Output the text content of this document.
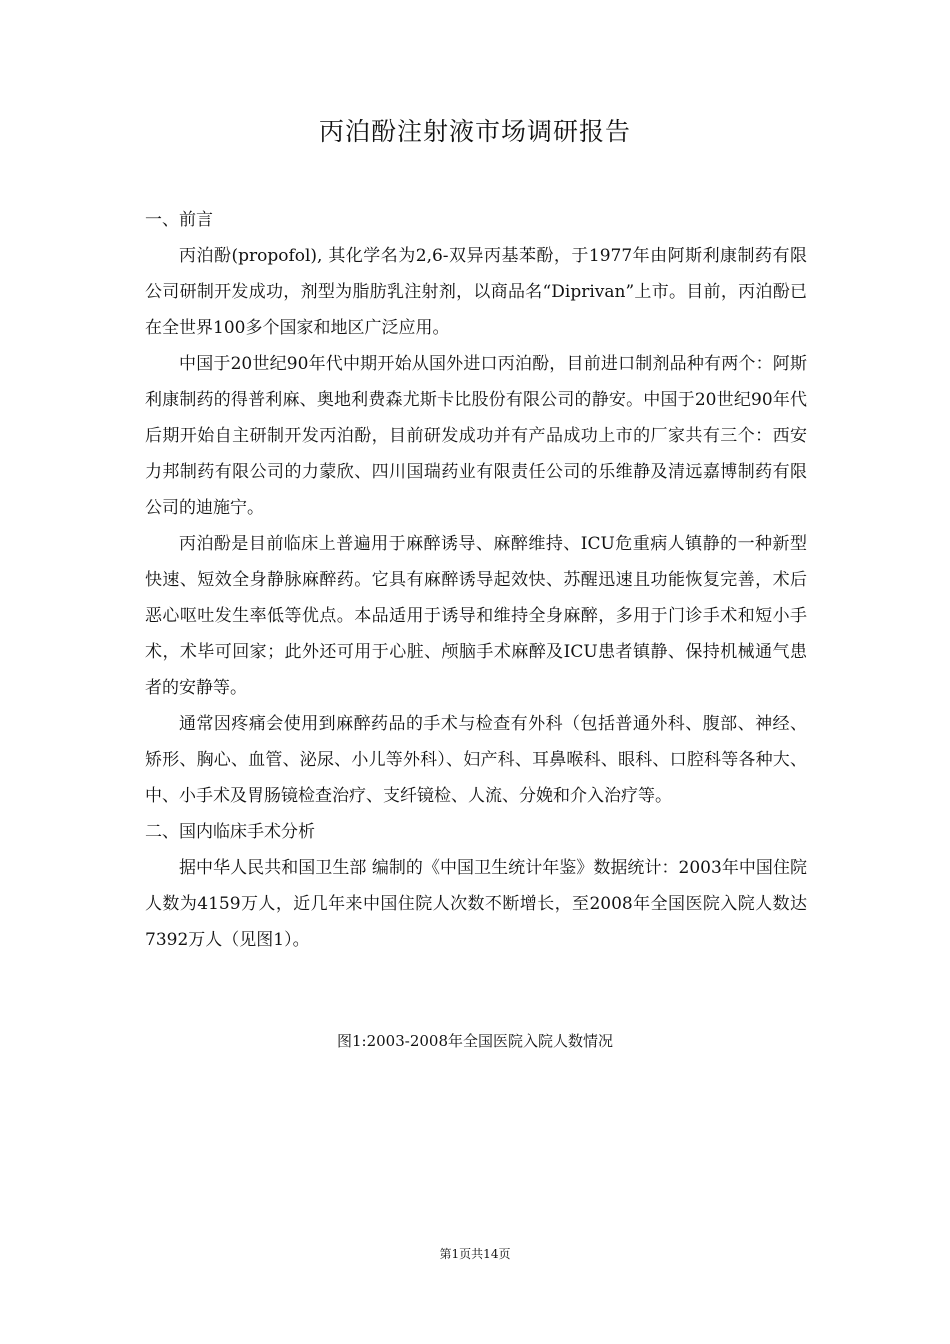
丙泊酚注射液市场调研报告

一、前言

丙泊酚(propofol), 其化学名为2,6-双异丙基苯酚，于1977年由阿斯利康制药有限公司研制开发成功，剂型为脂肪乳注射剂，以商品名“Diprivan”上市。目前，丙泊酚已在全世界100多个国家和地区广泛应用。

中国于20世纪90年代中期开始从国外进口丙泊酚，目前进口制剂品种有两个：阿斯利康制药的得普利麻、奥地利费森尤斯卡比股份有限公司的静安。中国于20世纪90年代后期开始自主研制开发丙泊酚，目前研发成功并有产品成功上市的厂家共有三个：西安力邦制药有限公司的力蒙欣、四川国瑞药业有限责任公司的乐维静及清远嘉博制药有限公司的迪施宁。

丙泊酚是目前临床上普遍用于麻醉诱导、麻醉维持、ICU危重病人镇静的一种新型快速、短效全身静脉麻醉药。它具有麻醉诱导起效快、苏醒迅速且功能恢复完善，术后恶心呕吐发生率低等优点。本品适用于诱导和维持全身麻醉，多用于门诊手术和短小手术，术毕可回家；此外还可用于心脏、颅脑手术麻醉及ICU患者镇静、保持机械通气患者的安静等。

通常因疼痛会使用到麻醉药品的手术与检查有外科（包括普通外科、腹部、神经、矫形、胸心、血管、泌尿、小儿等外科）、妇产科、耳鼻喉科、眼科、口腔科等各种大、中、小手术及胃肠镜检查治疗、支纤镜检、人流、分娩和介入治疗等。

二、国内临床手术分析

据中华人民共和国卫生部 编制的《中国卫生统计年鉴》数据统计：2003年中国住院人数为4159万人，近几年来中国住院人次数不断增长，至2008年全国医院入院人数达7392万人（见图1）。

图1:2003-2008年全国医院入院人数情况
第1页共14页
